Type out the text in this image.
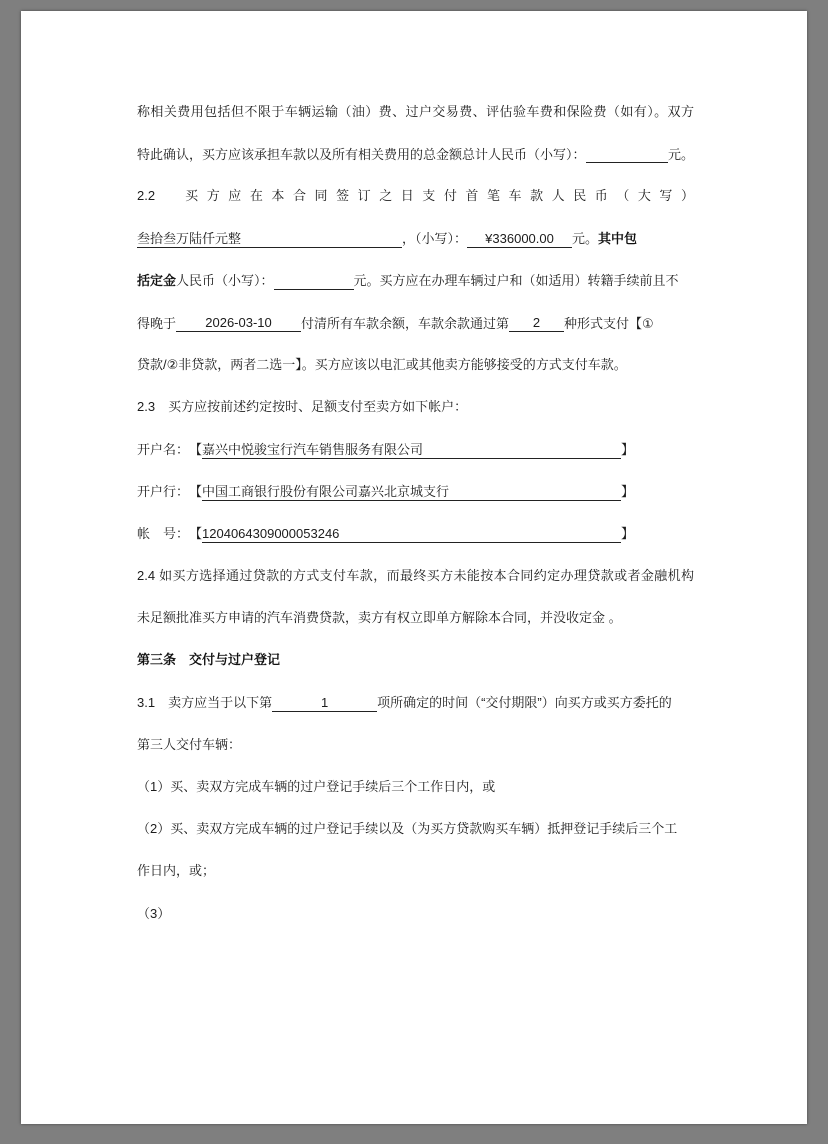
称相关费用包括但不限于车辆运输（油）费、过户交易费、评估验车费和保险费（如有）。双方
特此确认，买方应该承担车款以及所有相关费用的总金额总计人民币（小写）：
	元。
2.2　买方应在本合同签订之日支付首笔车款人民币（大写）
叁拾叁万陆仟元整	，（小写）：	¥336000.00	元。 其中包
括定金 人民币（小写）：
	元。买方应在办理车辆过户和（如适用）转籍手续前且不
得晚于	2026-03-10	付清所有车款余额，车款余款通过第	2	种形式支付【①
贷款/②非贷款，两者二选一】。买方应该以电汇或其他卖方能够接受的方式支付车款。
2.3　买方应按前述约定按时、足额支付至卖方如下帐户：
开户名： 【 嘉兴中悦骏宝行汽车销售服务有限公司	】
开户行： 【 中国工商银行股份有限公司嘉兴北京城支行	】
帐　号： 【 1204064309000053246	】
2.4 如买方选择通过贷款的方式支付车款，而最终买方未能按本合同约定办理贷款或者金融机构
未足额批准买方申请的汽车消费贷款，卖方有权立即单方解除本合同，并没收定金 。
第三条　交付与过户登记
3.1　卖方应当于以下第	1	项所确定的时间（“交付期限”）向买方或买方委托的
第三人交付车辆：
（1）买、卖双方完成车辆的过户登记手续后三个工作日内，或
（2）买、卖双方完成车辆的过户登记手续以及（为买方贷款购买车辆）抵押登记手续后三个工
作日内，或；
（3）
